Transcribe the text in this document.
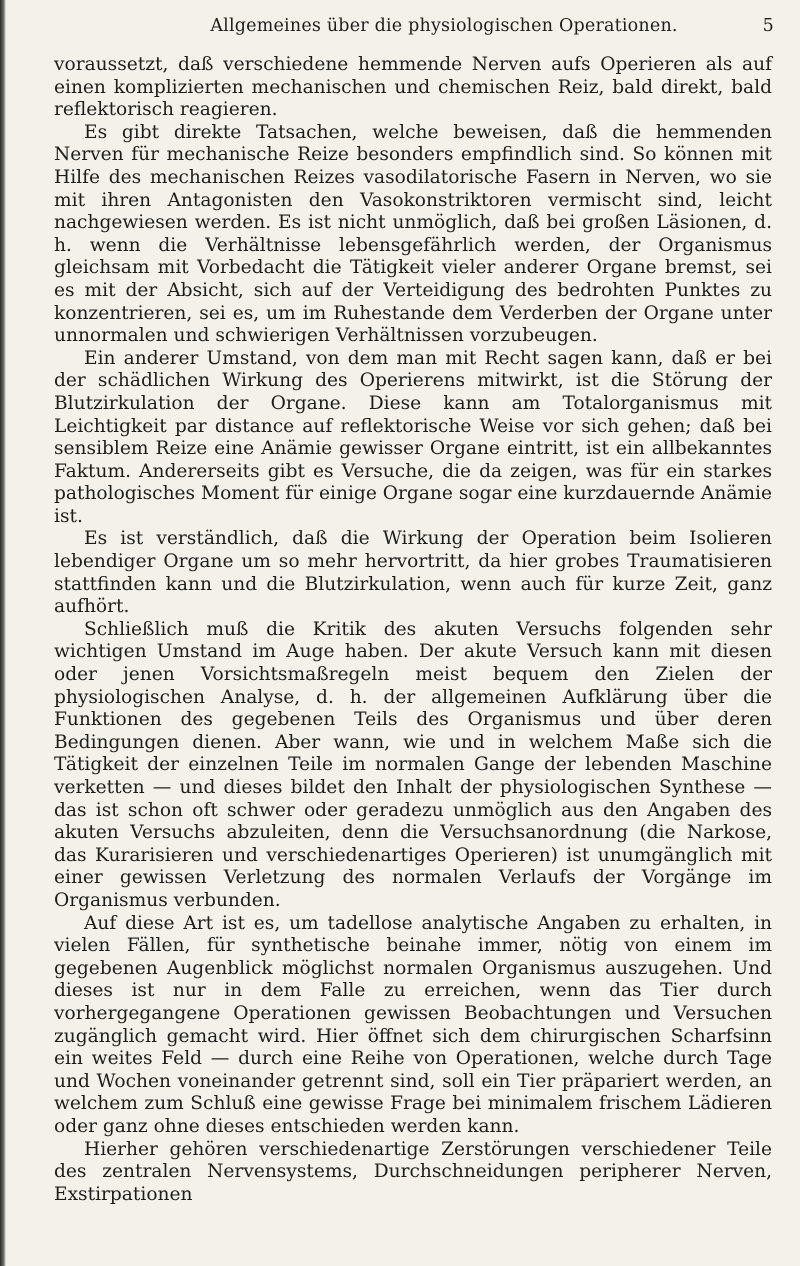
Allgemeines über die physiologischen Operationen.	5

voraussetzt, daß verschiedene hemmende Nerven aufs Operieren als auf einen komplizierten mechanischen und chemischen Reiz, bald direkt, bald reflektorisch reagieren.

Es gibt direkte Tatsachen, welche beweisen, daß die hemmenden Nerven für mechanische Reize besonders empfindlich sind. So können mit Hilfe des mechanischen Reizes vasodilatorische Fasern in Nerven, wo sie mit ihren Antagonisten den Vasokonstriktoren vermischt sind, leicht nachgewiesen werden. Es ist nicht unmöglich, daß bei großen Läsionen, d. h. wenn die Verhältnisse lebensgefährlich werden, der Organismus gleichsam mit Vorbedacht die Tätigkeit vieler anderer Organe bremst, sei es mit der Absicht, sich auf der Verteidigung des bedrohten Punktes zu konzentrieren, sei es, um im Ruhestande dem Verderben der Organe unter unnormalen und schwierigen Verhältnissen vorzubeugen.

Ein anderer Umstand, von dem man mit Recht sagen kann, daß er bei der schädlichen Wirkung des Operierens mitwirkt, ist die Störung der Blutzirkulation der Organe. Diese kann am Totalorganismus mit Leichtigkeit par distance auf reflektorische Weise vor sich gehen; daß bei sensiblem Reize eine Anämie gewisser Organe eintritt, ist ein allbekanntes Faktum. Andererseits gibt es Versuche, die da zeigen, was für ein starkes pathologisches Moment für einige Organe sogar eine kurzdauernde Anämie ist.

Es ist verständlich, daß die Wirkung der Operation beim Isolieren lebendiger Organe um so mehr hervortritt, da hier grobes Traumatisieren stattfinden kann und die Blutzirkulation, wenn auch für kurze Zeit, ganz aufhört.

Schließlich muß die Kritik des akuten Versuchs folgenden sehr wichtigen Umstand im Auge haben. Der akute Versuch kann mit diesen oder jenen Vorsichtsmaßregeln meist bequem den Zielen der physiologischen Analyse, d. h. der allgemeinen Aufklärung über die Funktionen des gegebenen Teils des Organismus und über deren Bedingungen dienen. Aber wann, wie und in welchem Maße sich die Tätigkeit der einzelnen Teile im normalen Gange der lebenden Maschine verketten — und dieses bildet den Inhalt der physiologischen Synthese — das ist schon oft schwer oder geradezu unmöglich aus den Angaben des akuten Versuchs abzuleiten, denn die Versuchsanordnung (die Narkose, das Kurarisieren und verschiedenartiges Operieren) ist unumgänglich mit einer gewissen Verletzung des normalen Verlaufs der Vorgänge im Organismus verbunden.

Auf diese Art ist es, um tadellose analytische Angaben zu erhalten, in vielen Fällen, für synthetische beinahe immer, nötig von einem im gegebenen Augenblick möglichst normalen Organismus auszugehen. Und dieses ist nur in dem Falle zu erreichen, wenn das Tier durch vorhergegangene Operationen gewissen Beobachtungen und Versuchen zugänglich gemacht wird. Hier öffnet sich dem chirurgischen Scharfsinn ein weites Feld — durch eine Reihe von Operationen, welche durch Tage und Wochen voneinander getrennt sind, soll ein Tier präpariert werden, an welchem zum Schluß eine gewisse Frage bei minimalem frischem Lädieren oder ganz ohne dieses entschieden werden kann.

Hierher gehören verschiedenartige Zerstörungen verschiedener Teile des zentralen Nervensystems, Durchschneidungen peripherer Nerven, Exstirpationen
